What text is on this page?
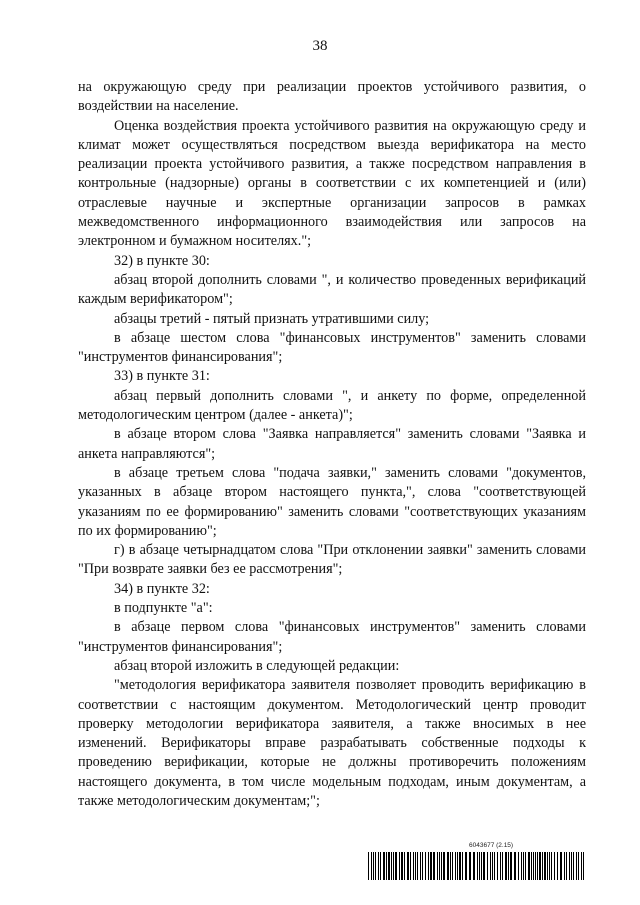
38

на окружающую среду при реализации проектов устойчивого развития, о воздействии на население.

Оценка воздействия проекта устойчивого развития на окружающую среду и климат может осуществляться посредством выезда верификатора на место реализации проекта устойчивого развития, а также посредством направления в контрольные (надзорные) органы в соответствии с их компетенцией и (или) отраслевые научные и экспертные организации запросов в рамках межведомственного информационного взаимодействия или запросов на электронном и бумажном носителях.";

32) в пункте 30:

абзац второй дополнить словами ", и количество проведенных верификаций каждым верификатором";

абзацы третий - пятый признать утратившими силу;

в абзаце шестом слова "финансовых инструментов" заменить словами "инструментов финансирования";

33) в пункте 31:

абзац первый дополнить словами ", и анкету по форме, определенной методологическим центром (далее - анкета)";

в абзаце втором слова "Заявка направляется" заменить словами "Заявка и анкета направляются";

в абзаце третьем слова "подача заявки," заменить словами "документов, указанных в абзаце втором настоящего пункта,", слова "соответствующей указаниям по ее формированию" заменить словами "соответствующих указаниям по их формированию";

г) в абзаце четырнадцатом слова "При отклонении заявки" заменить словами "При возврате заявки без ее рассмотрения";

34) в пункте 32:

в подпункте "а":

в абзаце первом слова "финансовых инструментов" заменить словами "инструментов финансирования";

абзац второй изложить в следующей редакции:

"методология верификатора заявителя позволяет проводить верификацию в соответствии с настоящим документом. Методологический центр проводит проверку методологии верификатора заявителя, а также вносимых в нее изменений. Верификаторы вправе разрабатывать собственные подходы к проведению верификации, которые не должны противоречить положениям настоящего документа, в том числе модельным подходам, иным документам, а также методологическим документам;";

6043677 (2.15)
